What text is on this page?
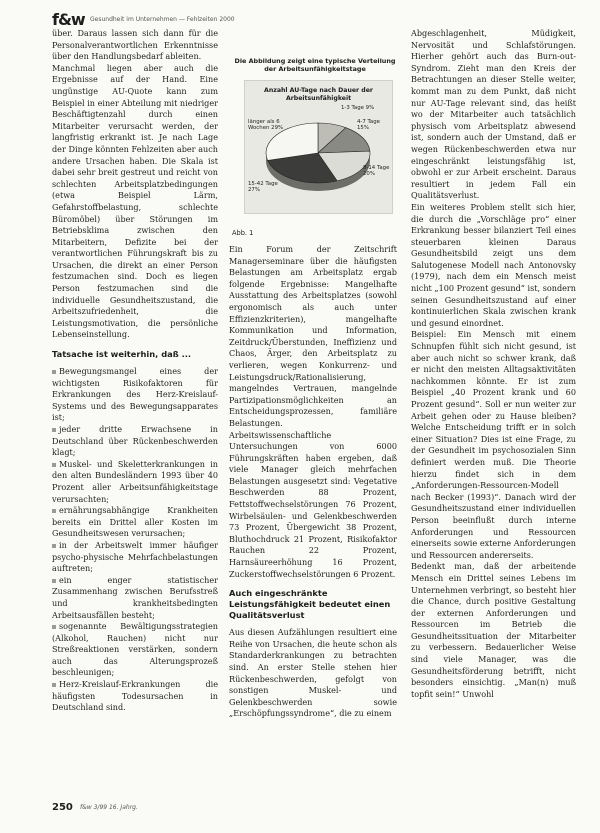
f&w Gesundheit im Unternehmen — Fehlzeiten 2000

über. Daraus lassen sich dann für die Personalverantwortlichen Erkenntnisse über den Handlungsbedarf ableiten.

Manchmal liegen aber auch die Ergebnisse auf der Hand. Eine ungünstige AU-Quote kann zum Beispiel in einer Abteilung mit niedriger Beschäftigtenzahl durch einen Mitarbeiter verursacht werden, der langfristig erkrankt ist. Je nach Lage der Dinge könnten Fehlzeiten aber auch andere Ursachen haben. Die Skala ist dabei sehr breit gestreut und reicht von schlechten Arbeitsplatzbedingungen (etwa Beispiel Lärm, Gefahrstoffbelastung, schlechte Büromöbel) über Störungen im Betriebsklima zwischen den Mitarbeitern, Defizite bei der verantwortlichen Führungskraft bis zu Ursachen, die direkt an einer Person festzumachen sind. Doch es liegen Person festzumachen sind die individuelle Gesundheitszustand, die Arbeitszufriedenheit, die Leistungsmotivation, die persönliche Lebenseinstellung.

Tatsache ist weiterhin, daß ...

Bewegungsmangel eines der wichtigsten Risikofaktoren für Erkrankungen des Herz-Kreislauf-Systems und des Bewegungsapparates ist;

jeder dritte Erwachsene in Deutschland über Rückenbeschwerden klagt;

Muskel- und Skeletterkrankungen in den alten Bundesländern 1993 über 40 Prozent aller Arbeitsunfähigkeitstage verursachten;

ernährungsabhängige Krankheiten bereits ein Drittel aller Kosten im Gesundheitswesen verursachen;

in der Arbeitswelt immer häufiger psycho-physische Mehrfachbelastungen auftreten;

ein enger statistischer Zusammenhang zwischen Berufsstreß und krankheitsbedingten Arbeitsausfällen besteht;

sogenannte Bewältigungsstrategien (Alkohol, Rauchen) nicht nur Streßreaktionen verstärken, sondern auch das Alterungsprozeß beschleunigen;

Herz-Kreislauf-Erkrankungen die häufigsten Todesursachen in Deutschland sind.

Die Abbildung zeigt eine typische Verteilung der Arbeitsunfähigkeitstage
Anzahl AU-Tage nach Dauer der Arbeitsunfähigkeit
1-3 Tage 9%
4-7 Tage 15%
8-14 Tage 20%
15-42 Tage 27%
länger als 6 Wochen 29%
Abb. 1

Ein Forum der Zeitschrift Managerseminare über die häufigsten Belastungen am Arbeitsplatz ergab folgende Ergebnisse: Mangelhafte Ausstattung des Arbeitsplatzes (sowohl ergonomisch als auch unter Effizienzkriterien), mangelhafte Kommunikation und Information, Zeitdruck/Überstunden, Ineffizienz und Chaos, Ärger, den Arbeitsplatz zu verlieren, wegen Konkurrenz- und Leistungsdruck/Rationalisierung, mangelndes Vertrauen, mangelnde Partizipationsmöglichkeiten an Entscheidungsprozessen, familiäre Belastungen.

Arbeitswissenschaftliche Untersuchungen von 6000 Führungskräften haben ergeben, daß viele Manager gleich mehrfachen Belastungen ausgesetzt sind: Vegetative Beschwerden 88 Prozent, Fettstoffwechselstörungen 76 Prozent, Wirbelsäulen- und Gelenkbeschwerden 73 Prozent, Übergewicht 38 Prozent, Bluthochdruck 21 Prozent, Risikofaktor Rauchen 22 Prozent, Harnsäureerhöhung 16 Prozent, Zuckerstoffwechselstörungen 6 Prozent.

Auch eingeschränkte Leistungsfähigkeit bedeutet einen Qualitätsverlust

Aus diesen Aufzählungen resultiert eine Reihe von Ursachen, die heute schon als Standarderkrankungen zu betrachten sind. An erster Stelle stehen hier Rückenbeschwerden, gefolgt von sonstigen Muskel- und Gelenkbeschwerden sowie „Erschöpfungssyndrome“, die zu einem

Abgeschlagenheit, Müdigkeit, Nervosität und Schlafstörungen. Hierher gehört auch das Burn-out-Syndrom. Zieht man den Kreis der Betrachtungen an dieser Stelle weiter, kommt man zu dem Punkt, daß nicht nur AU-Tage relevant sind, das heißt wo der Mitarbeiter auch tatsächlich physisch vom Arbeitsplatz abwesend ist, sondern auch der Umstand, daß er wegen Rückenbeschwerden etwa nur eingeschränkt leistungsfähig ist, obwohl er zur Arbeit erscheint. Daraus resultiert in jedem Fall ein Qualitätsverlust.

Ein weiteres Problem stellt sich hier, die durch die „Vorschläge pro“ einer Erkrankung besser bilanziert Teil eines steuerbaren kleinen Daraus Gesundheitsbild zeigt uns dem Salutogenese Modell nach Antonovsky (1979), nach dem ein Mensch meist nicht „100 Prozent gesund“ ist, sondern seinen Gesundheitszustand auf einer kontinuierlichen Skala zwischen krank und gesund einordnet.

Beispiel: Ein Mensch mit einem Schnupfen fühlt sich nicht gesund, ist aber auch nicht so schwer krank, daß er nicht den meisten Alltagsaktivitäten nachkommen könnte. Er ist zum Beispiel „40 Prozent krank und 60 Prozent gesund“. Soll er nun weiter zur Arbeit gehen oder zu Hause bleiben? Welche Entscheidung trifft er in solch einer Situation? Dies ist eine Frage, zu der Gesundheit im psychosozialen Sinn definiert werden muß. Die Theorie hierzu findet sich in dem „Anforderungen-Ressourcen-Modell nach Becker (1993)“. Danach wird der Gesundheitszustand einer individuellen Person beeinflußt durch interne Anforderungen und Ressourcen einerseits sowie externe Anforderungen und Ressourcen andererseits.

Bedenkt man, daß der arbeitende Mensch ein Drittel seines Lebens im Unternehmen verbringt, so besteht hier die Chance, durch positive Gestaltung der externen Anforderungen und Ressourcen im Betrieb die Gesundheitssituation der Mitarbeiter zu verbessern. Bedauerlicher Weise sind viele Manager, was die Gesundheitsförderung betrifft, nicht besonders einsichtig. „Man(n) muß topfit sein!“ Unwohl

250 f&w 3/99 16. Jahrg.
